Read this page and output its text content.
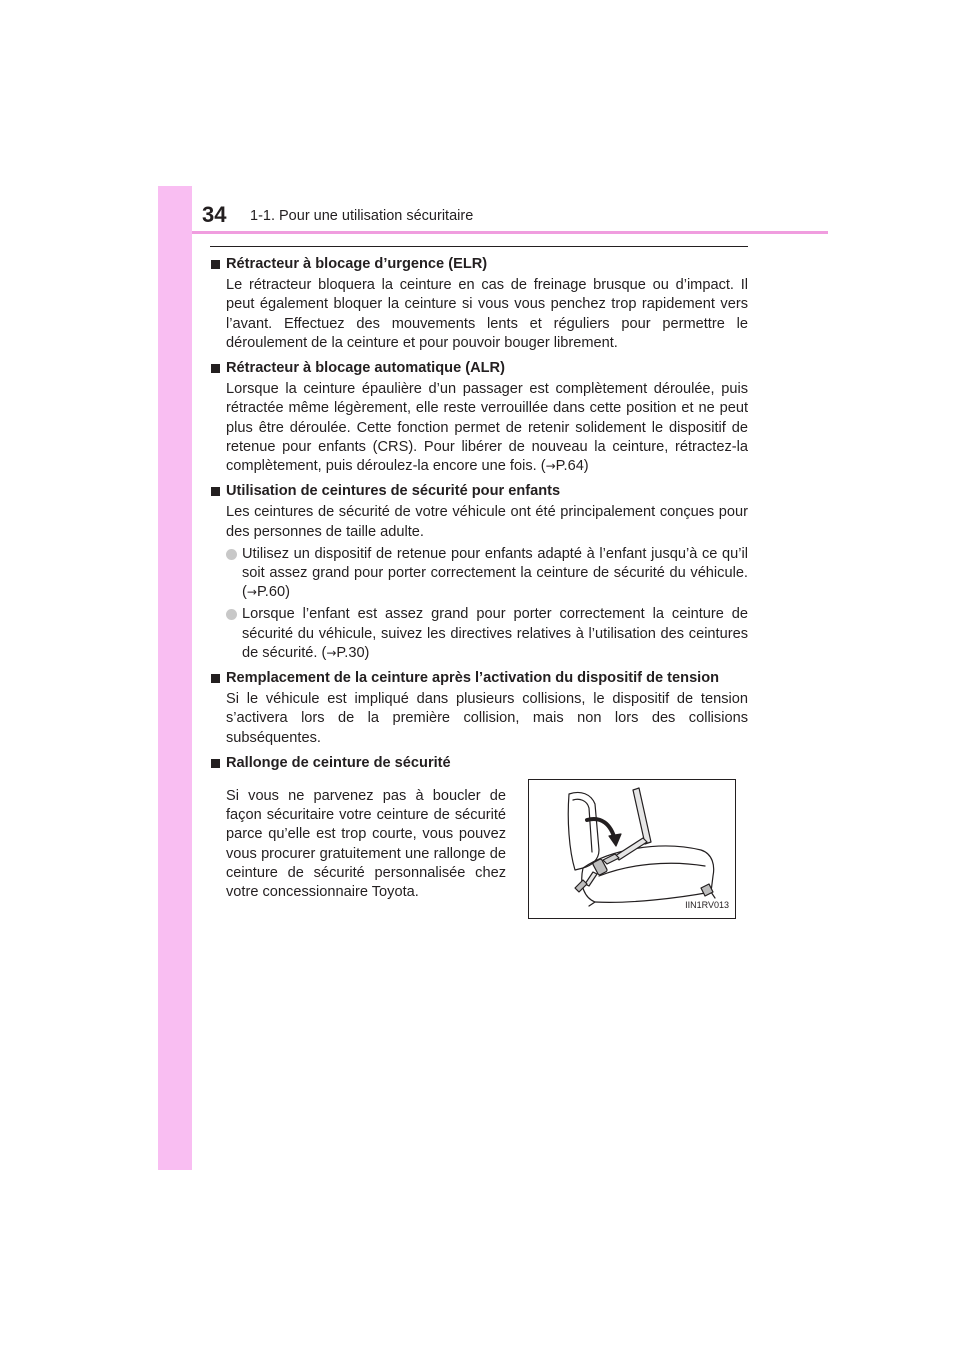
34 1-1. Pour une utilisation sécuritaire

Rétracteur à blocage d’urgence (ELR)

Le rétracteur bloquera la ceinture en cas de freinage brusque ou d’impact. Il peut également bloquer la ceinture si vous vous penchez trop rapidement vers l’avant. Effectuez des mouvements lents et réguliers pour permettre le déroulement de la ceinture et pour pouvoir bouger librement.

Rétracteur à blocage automatique (ALR)

Lorsque la ceinture épaulière d’un passager est complètement déroulée, puis rétractée même légèrement, elle reste verrouillée dans cette position et ne peut plus être déroulée. Cette fonction permet de retenir solidement le dispositif de retenue pour enfants (CRS). Pour libérer de nouveau la ceinture, rétractez-la complètement, puis déroulez-la encore une fois. (→P.64)

Utilisation de ceintures de sécurité pour enfants

Les ceintures de sécurité de votre véhicule ont été principalement conçues pour des personnes de taille adulte.

Utilisez un dispositif de retenue pour enfants adapté à l’enfant jusqu’à ce qu’il soit assez grand pour porter correctement la ceinture de sécurité du véhicule. (→P.60)

Lorsque l’enfant est assez grand pour porter correctement la ceinture de sécurité du véhicule, suivez les directives relatives à l’utilisation des ceintures de sécurité. (→P.30)

Remplacement de la ceinture après l’activation du dispositif de tension

Si le véhicule est impliqué dans plusieurs collisions, le dispositif de tension s’activera lors de la première collision, mais non lors des collisions subséquentes.

Rallonge de ceinture de sécurité

Si vous ne parvenez pas à boucler de façon sécuritaire votre ceinture de sécurité parce qu’elle est trop courte, vous pouvez vous procurer gratuitement une rallonge de ceinture de sécurité personnalisée chez votre concessionnaire Toyota.

IIN1RV013
